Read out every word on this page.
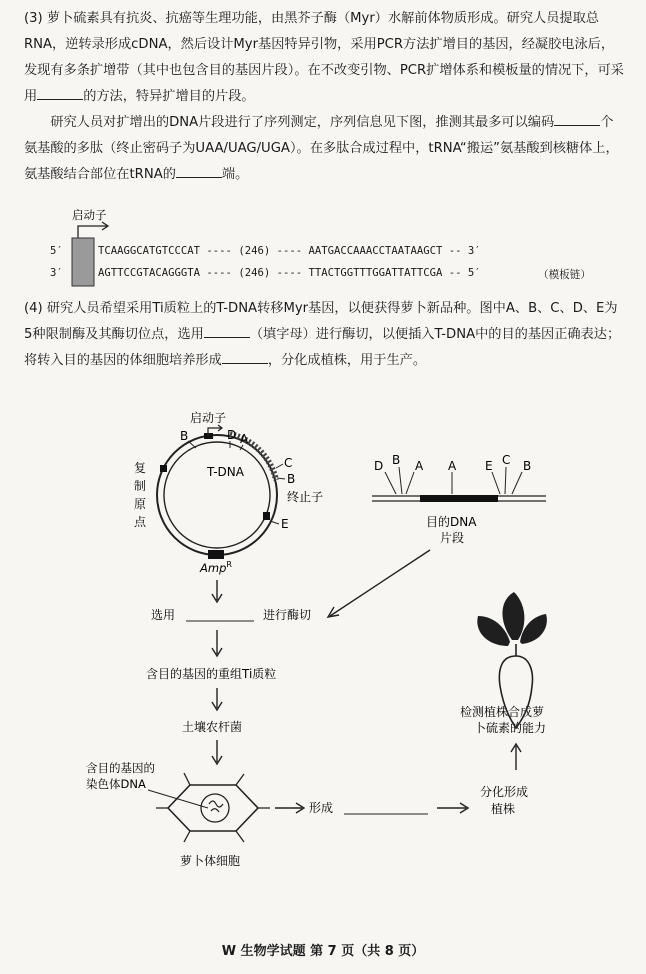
(3) 萝卜硫素具有抗炎、抗癌等生理功能，由黑芥子酶（Myr）水解前体物质形成。研究人员提取总RNA，逆转录形成cDNA，然后设计Myr基因特异引物，采用PCR方法扩增目的基因，经凝胶电泳后，发现有多条扩增带（其中也包含目的基因片段）。在不改变引物、PCR扩增体系和模板量的情况下，可采用	的方法，特异扩增目的片段。

研究人员对扩增出的DNA片段进行了序列测定，序列信息见下图，推测其最多可以编码	个氨基酸的多肽（终止密码子为UAA/UAG/UGA）。在多肽合成过程中，tRNA“搬运”氨基酸到核糖体上，氨基酸结合部位在tRNA的	端。

启动子
5′	TCAAGGCATGTCCCAT ---- (246) ---- AATGACCAAACCTAATAAGCT -- 3′
3′	AGTTCCGTACAGGGTA ---- (246) ---- TTACTGGTTTGGATTATTCGA -- 5′	（模板链）

(4) 研究人员希望采用Ti质粒上的T-DNA转移Myr基因，以便获得萝卜新品种。图中A、B、C、D、E为5种限制酶及其酶切位点，选用	（填字母）进行酶切，以便插入T-DNA中的目的基因正确表达；将转入目的基因的体细胞培养形成	，分化成植株，用于生产。

启动子
B	D A
T-DNA
C
B
终止子
E
复
制
原
点
Amp$^R$
D B A A E C B
目的DNA
片段
选用	进行酶切
含目的基因的重组Ti质粒
土壤农杆菌
含目的基因的
染色体DNA
萝卜体细胞
形成
分化形成
植株
检测植株合成萝
卜硫素的能力
W 生物学试题 第 7 页（共 8 页）
